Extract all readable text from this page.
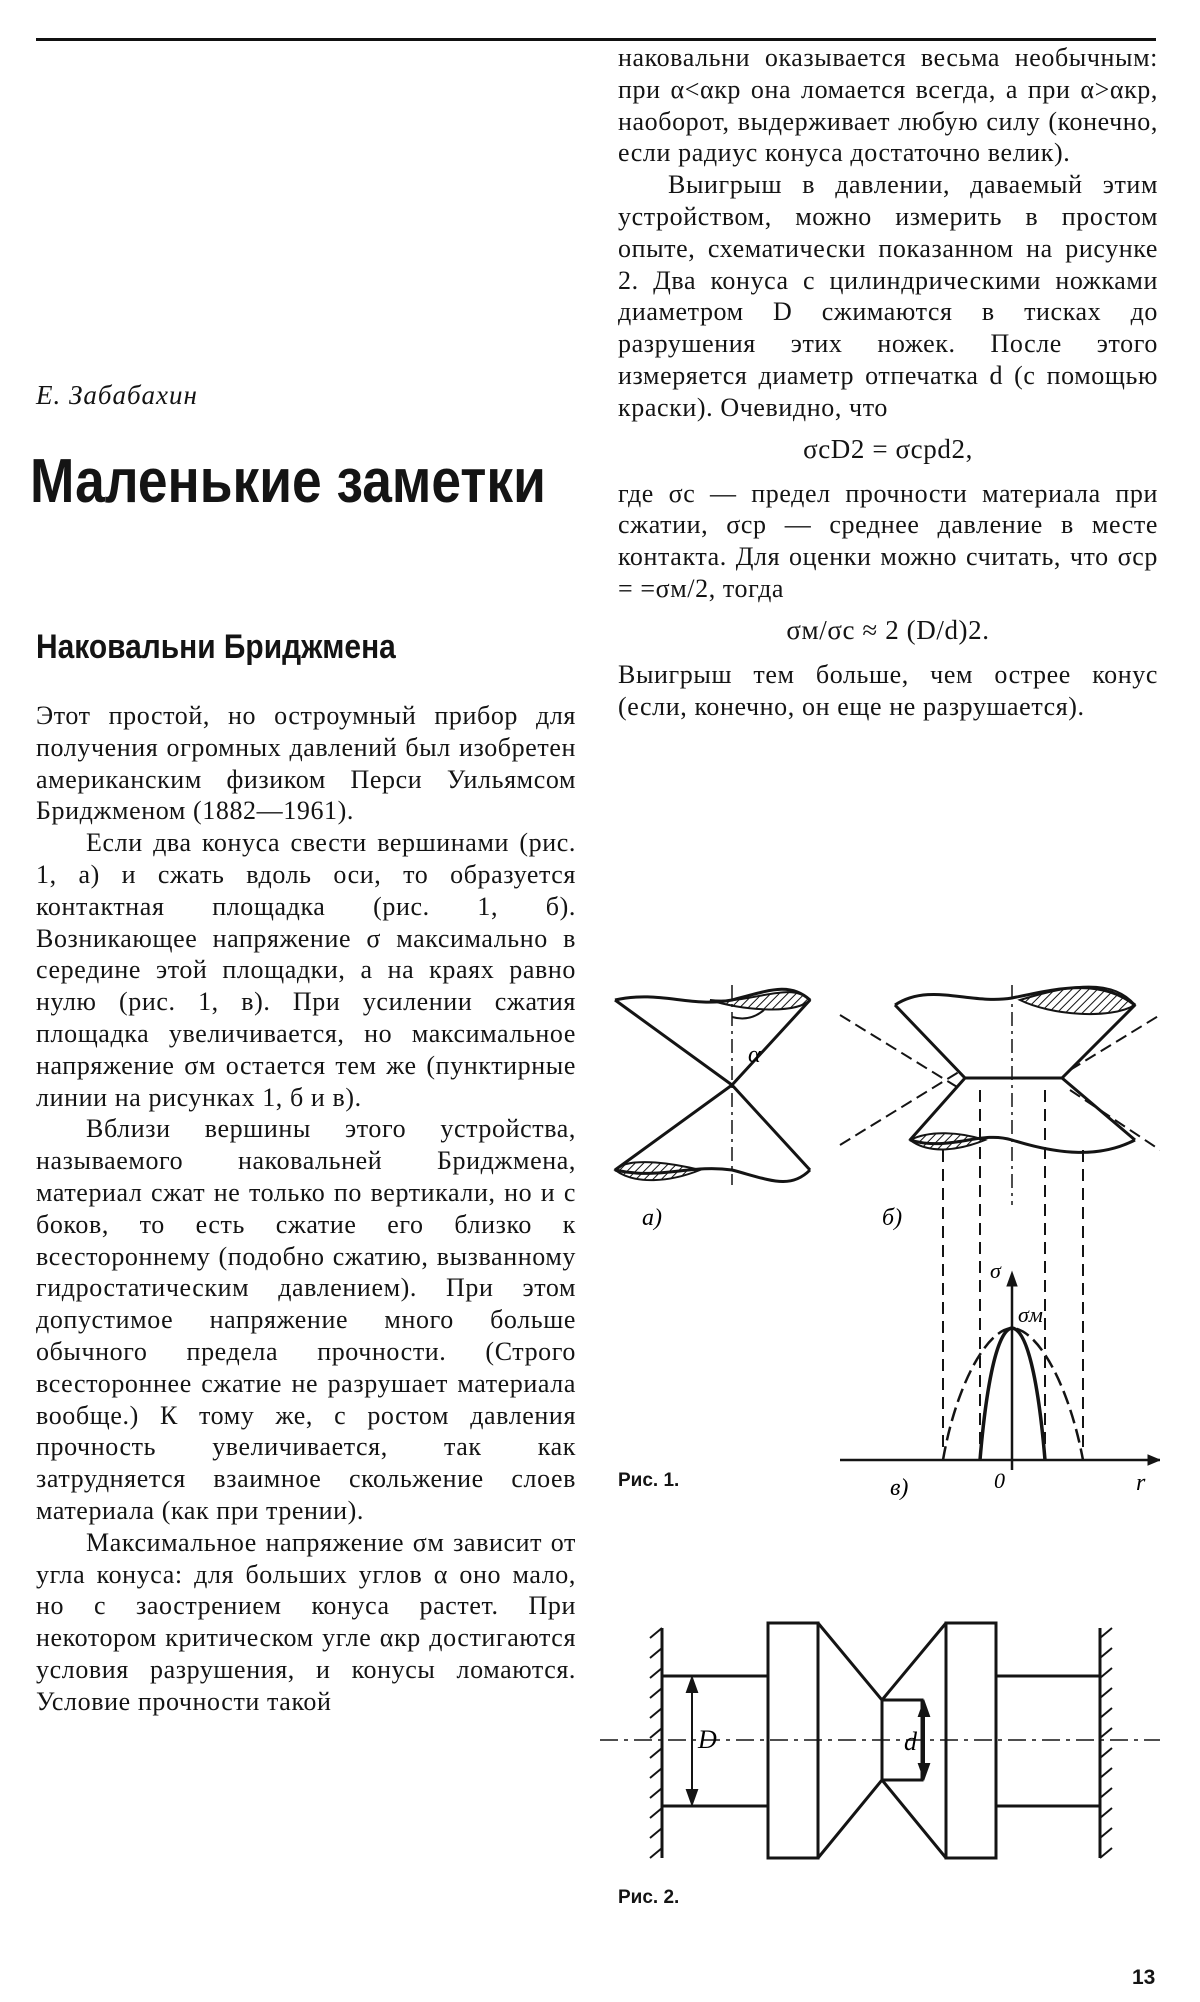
Е. Забабахин
Маленькие заметки
Наковальни Бриджмена

Этот простой, но остроумный прибор для получения огромных давлений был изобретен американским физиком Перси Уильямсом Бриджменом (1882—1961).

Если два конуса свести вершинами (рис. 1, а) и сжать вдоль оси, то образуется контактная площадка (рис. 1, б). Возникающее напряжение σ максимально в середине этой площадки, а на краях равно нулю (рис. 1, в). При усилении сжатия площадка увеличивается, но максимальное напряжение σм остается тем же (пунктирные линии на рисунках 1, б и в).

Вблизи вершины этого устройства, называемого наковальней Бриджмена, материал сжат не только по вертикали, но и с боков, то есть сжатие его близко к всестороннему (подобно сжатию, вызванному гидростатическим давлением). При этом допустимое напряжение много больше обычного предела прочности. (Строго всестороннее сжатие не разрушает материала вообще.) К тому же, с ростом давления прочность увеличивается, так как затрудняется взаимное скольжение слоев материала (как при трении).

Максимальное напряжение σм зависит от угла конуса: для больших углов α оно мало, но с заострением конуса растет. При некотором критическом угле αкр достигаются условия разрушения, и конусы ломаются. Условие прочности такой

наковальни оказывается весьма необычным: при α<αкр она ломается всегда, а при α>αкр, наоборот, выдерживает любую силу (конечно, если радиус конуса достаточно велик).

Выигрыш в давлении, даваемый этим устройством, можно измерить в простом опыте, схематически показанном на рисунке 2. Два конуса с цилиндрическими ножками диаметром D сжимаются в тисках до разрушения этих ножек. После этого измеряется диаметр отпечатка d (с помощью краски). Очевидно, что

σcD2 = σcpd2,

где σc — предел прочности материала при сжатии, σcp — среднее давление в месте контакта. Для оценки можно считать, что σcp = =σм/2, тогда

σм/σc ≈ 2 (D/d)2.

Выигрыш тем больше, чем острее конус (если, конечно, он еще не разрушается).

α
а)	б)
σ
σм
0	r
в)
Рис. 1.
D	d
Рис. 2.
13
